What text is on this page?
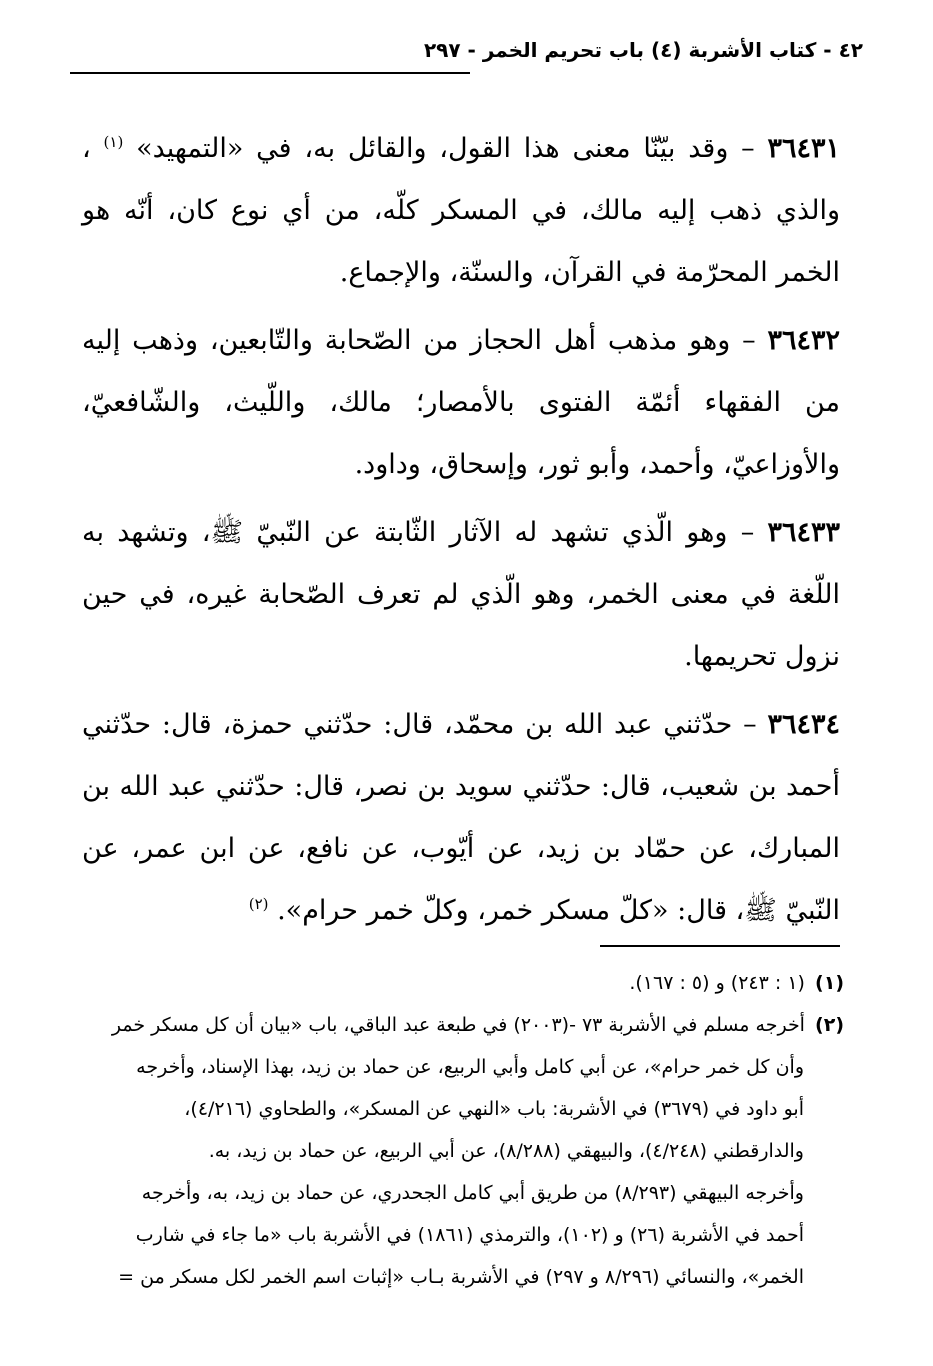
٤٢ - كتاب الأشربة (٤) باب تحريم الخمر - ٢٩٧

٣٦٤٣١ – وقد بيّنّا معنى هذا القول، والقائل به، في «التمهيد» $^{(١)}$ ، والذي ذهب إليه مالك، في المسكر كلّه، من أي نوع كان، أنّه هو الخمر المحرّمة في القرآن، والسنّة، والإجماع.

٣٦٤٣٢ – وهو مذهب أهل الحجاز من الصّحابة والتّابعين، وذهب إليه من الفقهاء أئمّة الفتوى بالأمصار؛ مالك، واللّيث، والشّافعيّ، والأوزاعيّ، وأحمد، وأبو ثور، وإسحاق، وداود.

٣٦٤٣٣ – وهو الّذي تشهد له الآثار الثّابتة عن النّبيّ ﷺ، وتشهد به اللّغة في معنى الخمر، وهو الّذي لم تعرف الصّحابة غيره، في حين نزول تحريمها.

٣٦٤٣٤ – حدّثني عبد الله بن محمّد، قال: حدّثني حمزة، قال: حدّثني أحمد بن شعيب، قال: حدّثني سويد بن نصر، قال: حدّثني عبد الله بن المبارك، عن حمّاد بن زيد، عن أيّوب، عن نافع، عن ابن عمر، عن النّبيّ ﷺ، قال: «كلّ مسكر خمر، وكلّ خمر حرام». $^{(٢)}$

(١) (١ : ٢٤٣) و (٥ : ١٦٧).

(٢) أخرجه مسلم في الأشربة ٧٣ -(٢٠٠٣) في طبعة عبد الباقي، باب «بيان أن كل مسكر خمر
وأن كل خمر حرام»، عن أبي كامل وأبي الربيع، عن حماد بن زيد، بهذا الإسناد، وأخرجه
أبو داود في (٣٦٧٩) في الأشربة: باب «النهي عن المسكر»، والطحاوي (٤/٢١٦)،
والدارقطني (٤/٢٤٨)، والبيهقي (٨/٢٨٨)، عن أبي الربيع، عن حماد بن زيد، به.
وأخرجه البيهقي (٨/٢٩٣) من طريق أبي كامل الجحدري، عن حماد بن زيد، به، وأخرجه
أحمد في الأشربة (٢٦) و (١٠٢)، والترمذي (١٨٦١) في الأشربة باب «ما جاء في شارب
الخمر»، والنسائي (٨/٢٩٦ و ٢٩٧) في الأشربة بـاب «إثبات اسم الخمر لكل مسكر من =
